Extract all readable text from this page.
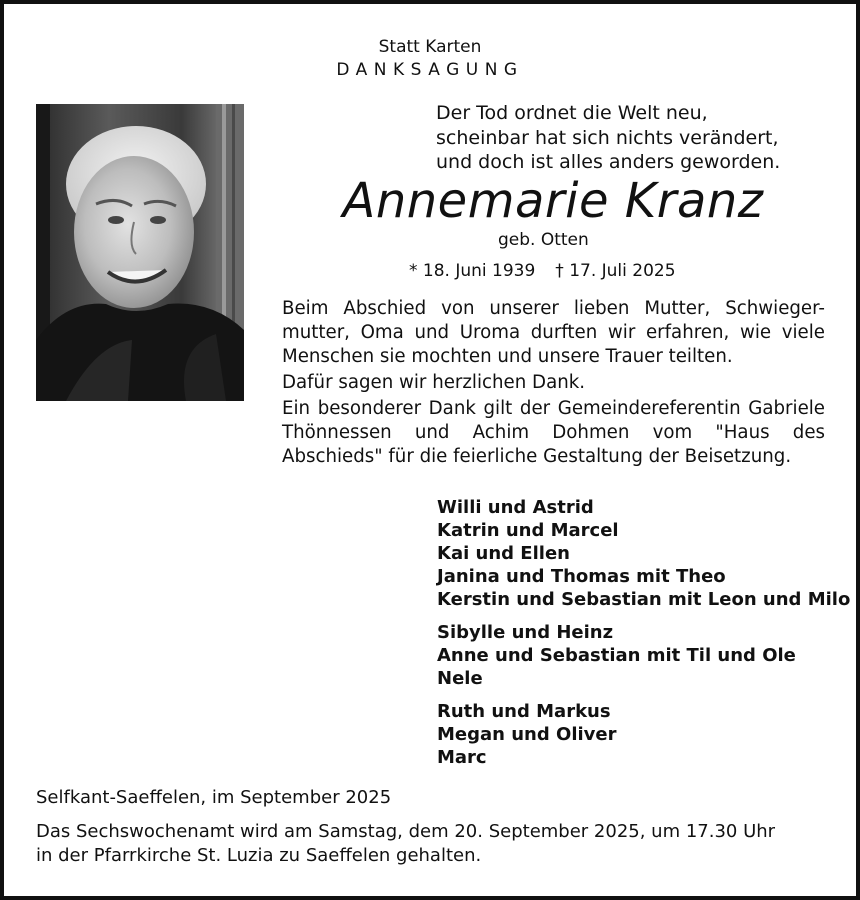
Statt Karten
DANKSAGUNG
Der Tod ordnet die Welt neu,
scheinbar hat sich nichts verändert,
und doch ist alles anders geworden.
Annemarie Kranz
geb. Otten
* 18. Juni 1939 † 17. Juli 2025
Beim Abschied von unserer lieben Mutter, Schwieger- mutter, Oma und Uroma durften wir erfahren, wie viele Menschen sie mochten und unsere Trauer teilten.
Dafür sagen wir herzlichen Dank.
Ein besonderer Dank gilt der Gemeindereferentin Gabriele Thönnessen und Achim Dohmen vom "Haus des Abschieds" für die feierliche Gestaltung der Beisetzung.
Willi und Astrid
Katrin und Marcel
Kai und Ellen
Janina und Thomas mit Theo
Kerstin und Sebastian mit Leon und Milo
Sibylle und Heinz
Anne und Sebastian mit Til und Ole
Nele
Ruth und Markus
Megan und Oliver
Marc
Selfkant-Saeffelen, im September 2025
Das Sechswochenamt wird am Samstag, dem 20. September 2025, um 17.30 Uhr
in der Pfarrkirche St. Luzia zu Saeffelen gehalten.
